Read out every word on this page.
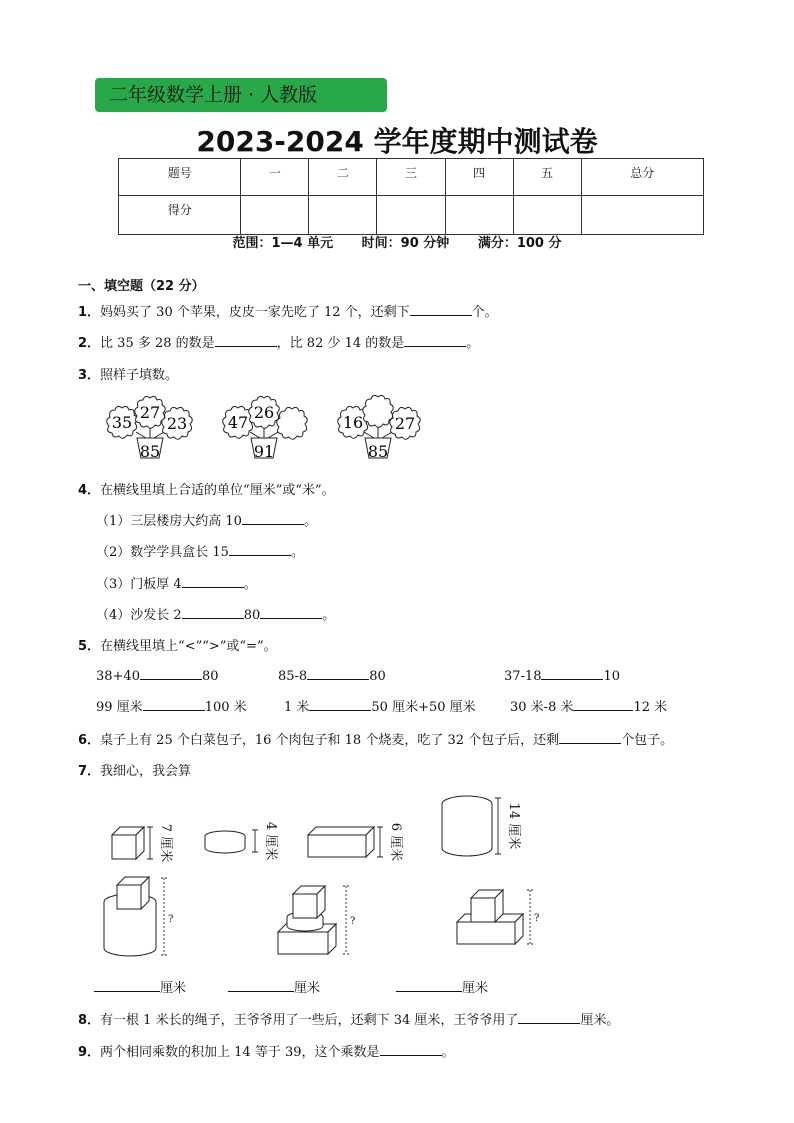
二年级数学上册 · 人教版
2023-2024 学年度期中测试卷
题号	一	二	三	四	五	总分
得分						
范围：1—4 单元 时间：90 分钟 满分：100 分
一、填空题（22 分）
1．妈妈买了 30 个苹果，皮皮一家先吃了 12 个，还剩下	个。
2．比 35 多 28 的数是	，比 82 少 14 的数是	。
3．照样子填数。
35
27
23
85
47
26
91
16 27
85
4．在横线里填上合适的单位“厘米”或“米”。
（1）三层楼房大约高 10	。
（2）数学学具盒长 15	。
（3）门板厚 4	。
（4）沙发长 2	80	。
5．在横线里填上“<”“>”或“=”。
38+40	80	85-8	80	37-18	10
99 厘米	100 米	1 米	50 厘米+50 厘米	30 米-8 米	12 米
6．桌子上有 25 个白菜包子，16 个肉包子和 18 个烧麦，吃了 32 个包子后，还剩	个包子。
7．我细心，我会算
7 厘米	4 厘米	6 厘米	14 厘米
?	?	?
厘米	厘米	厘米
8．有一根 1 米长的绳子，王爷爷用了一些后，还剩下 34 厘米，王爷爷用了	厘米。
9．两个相同乘数的积加上 14 等于 39，这个乘数是	。
